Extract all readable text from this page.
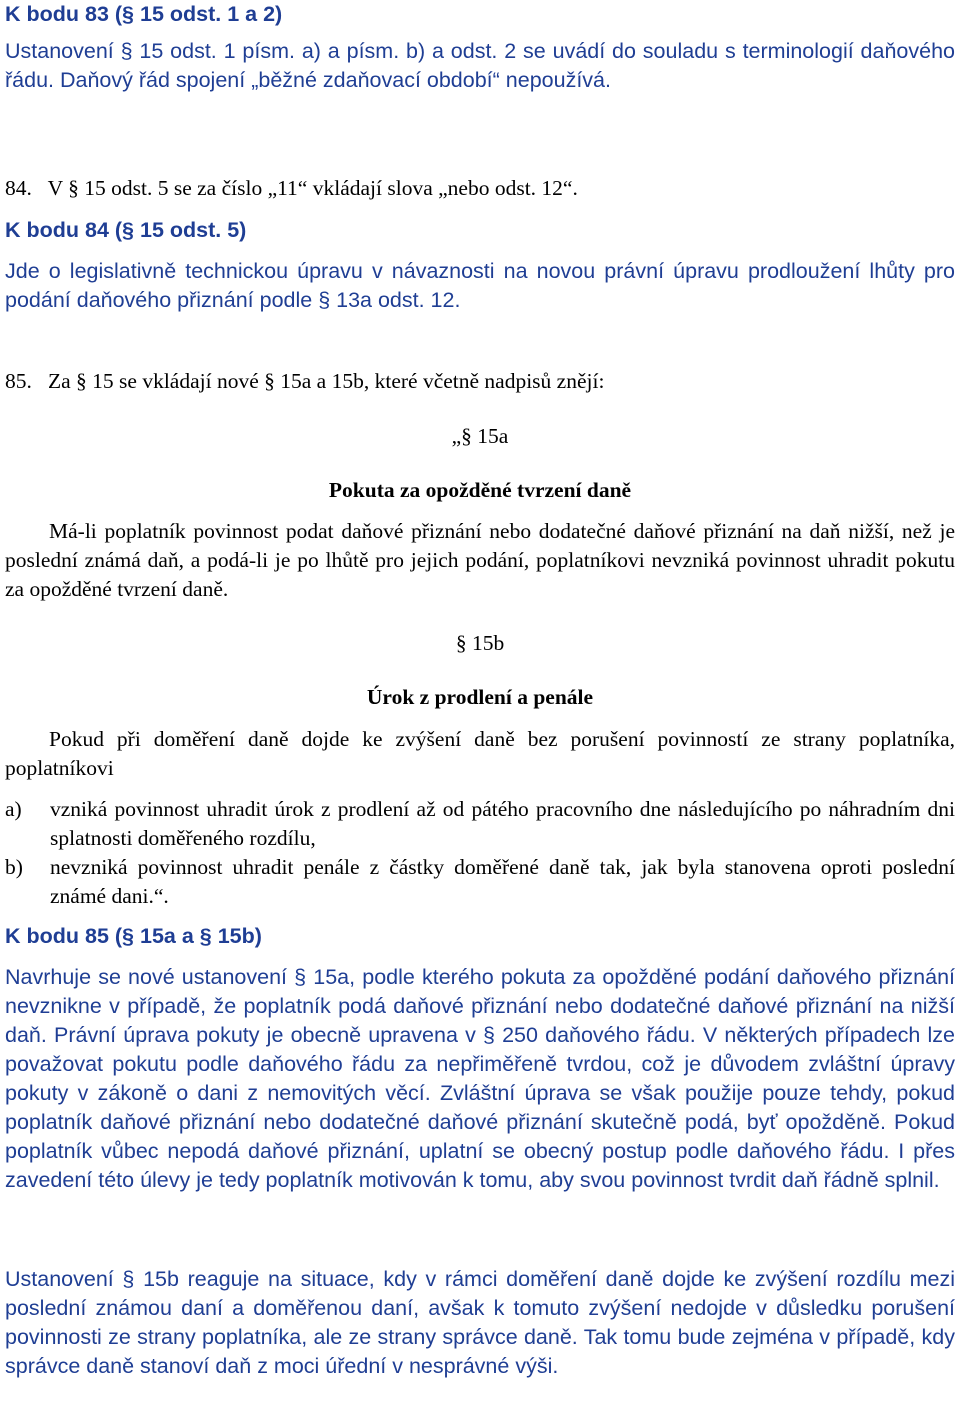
K bodu 83 (§ 15 odst. 1 a 2)
Ustanovení § 15 odst. 1 písm. a) a písm. b) a odst. 2 se uvádí do souladu s terminologií daňového řádu. Daňový řád spojení „běžné zdaňovací období“ nepoužívá.
84.   V § 15 odst. 5 se za číslo „11“ vkládají slova „nebo odst. 12“.
K bodu 84 (§ 15 odst. 5)
Jde o legislativně technickou úpravu v návaznosti na novou právní úpravu prodloužení lhůty pro podání daňového přiznání podle § 13a odst. 12.
85.   Za § 15 se vkládají nové § 15a a 15b, které včetně nadpisů znějí:
„§ 15a
Pokuta za opožděné tvrzení daně
Má-li poplatník povinnost podat daňové přiznání nebo dodatečné daňové přiznání na daň nižší, než je poslední známá daň, a podá-li je po lhůtě pro jejich podání, poplatníkovi nevzniká povinnost uhradit pokutu za opožděné tvrzení daně.
§ 15b
Úrok z prodlení a penále
Pokud při doměření daně dojde ke zvýšení daně bez porušení povinností ze strany poplatníka, poplatníkovi
a)	vzniká povinnost uhradit úrok z prodlení až od pátého pracovního dne následujícího po náhradním dni splatnosti doměřeného rozdílu,
b)	nevzniká povinnost uhradit penále z částky doměřené daně tak, jak byla stanovena oproti poslední známé dani.“.
K bodu 85 (§ 15a a § 15b)
Navrhuje se nové ustanovení § 15a, podle kterého pokuta za opožděné podání daňového přiznání nevznikne v případě, že poplatník podá daňové přiznání nebo dodatečné daňové přiznání na nižší daň. Právní úprava pokuty je obecně upravena v § 250 daňového řádu. V některých případech lze považovat pokutu podle daňového řádu za nepřiměřeně tvrdou, což je důvodem zvláštní úpravy pokuty v zákoně o dani z nemovitých věcí. Zvláštní úprava se však použije pouze tehdy, pokud poplatník daňové přiznání nebo dodatečné daňové přiznání skutečně podá, byť opožděně. Pokud poplatník vůbec nepodá daňové přiznání, uplatní se obecný postup podle daňového řádu. I přes zavedení této úlevy je tedy poplatník motivován k tomu, aby svou povinnost tvrdit daň řádně splnil.
Ustanovení § 15b reaguje na situace, kdy v rámci doměření daně dojde ke zvýšení rozdílu mezi poslední známou daní a doměřenou daní, avšak k tomuto zvýšení nedojde v důsledku porušení povinnosti ze strany poplatníka, ale ze strany správce daně. Tak tomu bude zejména v případě, kdy správce daně stanoví daň z moci úřední v nesprávné výši.
